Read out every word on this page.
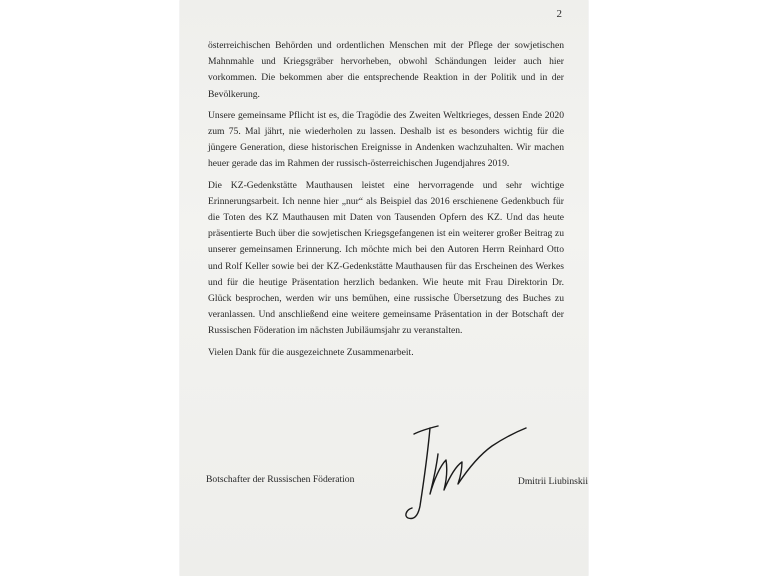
2

österreichischen Behörden und ordentlichen Menschen mit der Pflege der sowjetischen Mahnmahle und Kriegsgräber hervorheben, obwohl Schändungen leider auch hier vorkommen. Die bekommen aber die entsprechende Reaktion in der Politik und in der Bevölkerung.

Unsere gemeinsame Pflicht ist es, die Tragödie des Zweiten Weltkrieges, dessen Ende 2020 zum 75. Mal jährt, nie wiederholen zu lassen. Deshalb ist es besonders wichtig für die jüngere Generation, diese historischen Ereignisse in Andenken wachzuhalten. Wir machen heuer gerade das im Rahmen der russisch-österreichischen Jugendjahres 2019.

Die KZ-Gedenkstätte Mauthausen leistet eine hervorragende und sehr wichtige Erinnerungsarbeit. Ich nenne hier „nur“ als Beispiel das 2016 erschienene Gedenkbuch für die Toten des KZ Mauthausen mit Daten von Tausenden Opfern des KZ. Und das heute präsentierte Buch über die sowjetischen Kriegsgefangenen ist ein weiterer großer Beitrag zu unserer gemeinsamen Erinnerung. Ich möchte mich bei den Autoren Herrn Reinhard Otto und Rolf Keller sowie bei der KZ-Gedenkstätte Mauthausen für das Erscheinen des Werkes und für die heutige Präsentation herzlich bedanken. Wie heute mit Frau Direktorin Dr. Glück besprochen, werden wir uns bemühen, eine russische Übersetzung des Buches zu veranlassen. Und anschließend eine weitere gemeinsame Präsentation in der Botschaft der Russischen Föderation im nächsten Jubiläumsjahr zu veranstalten.

Vielen Dank für die ausgezeichnete Zusammenarbeit.

Botschafter der Russischen Föderation	Dmitrii Liubinskii
